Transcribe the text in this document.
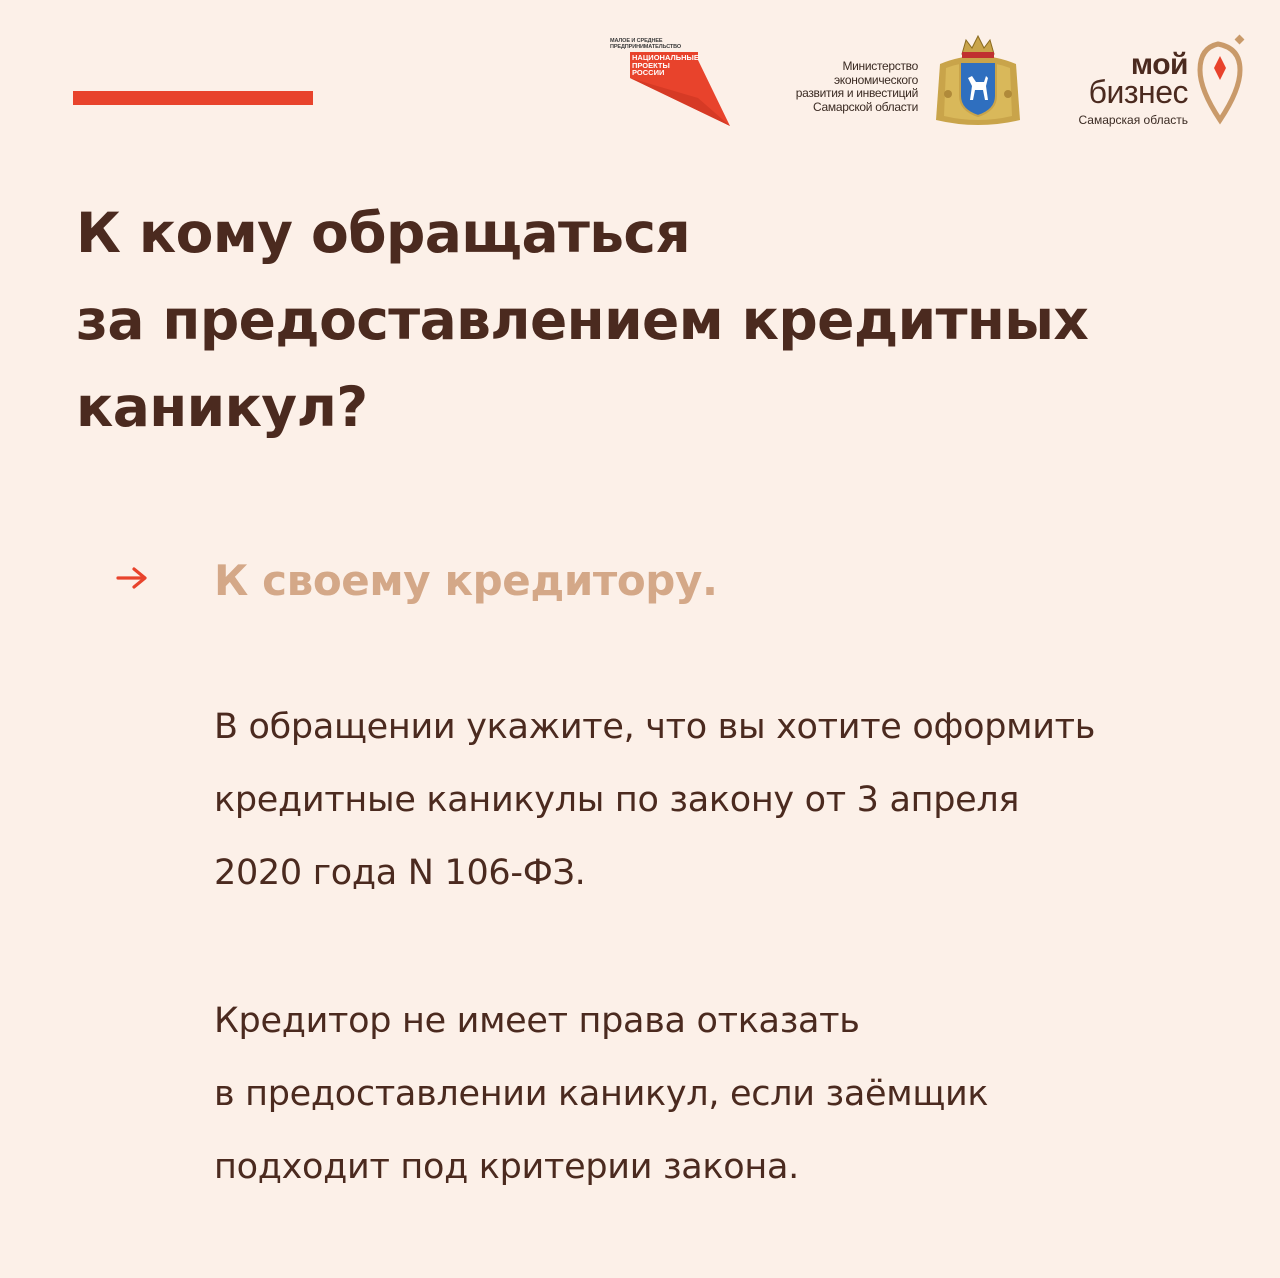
МАЛОЕ И СРЕДНЕЕ ПРЕДПРИНИМАТЕЛЬСТВО
НАЦИОНАЛЬНЫЕ ПРОЕКТЫ РОССИИ	Министерство
экономического
развития и инвестиций
Самарской области
мой
бизнес
Самарская область
К кому обращаться
за предоставлением кредитных
каникул?

К своему кредитору.

В обращении укажите, что вы хотите оформить
кредитные каникулы по закону от 3 апреля
2020 года N 106-ФЗ.

Кредитор не имеет права отказать
в предоставлении каникул, если заёмщик
подходит под критерии закона.
